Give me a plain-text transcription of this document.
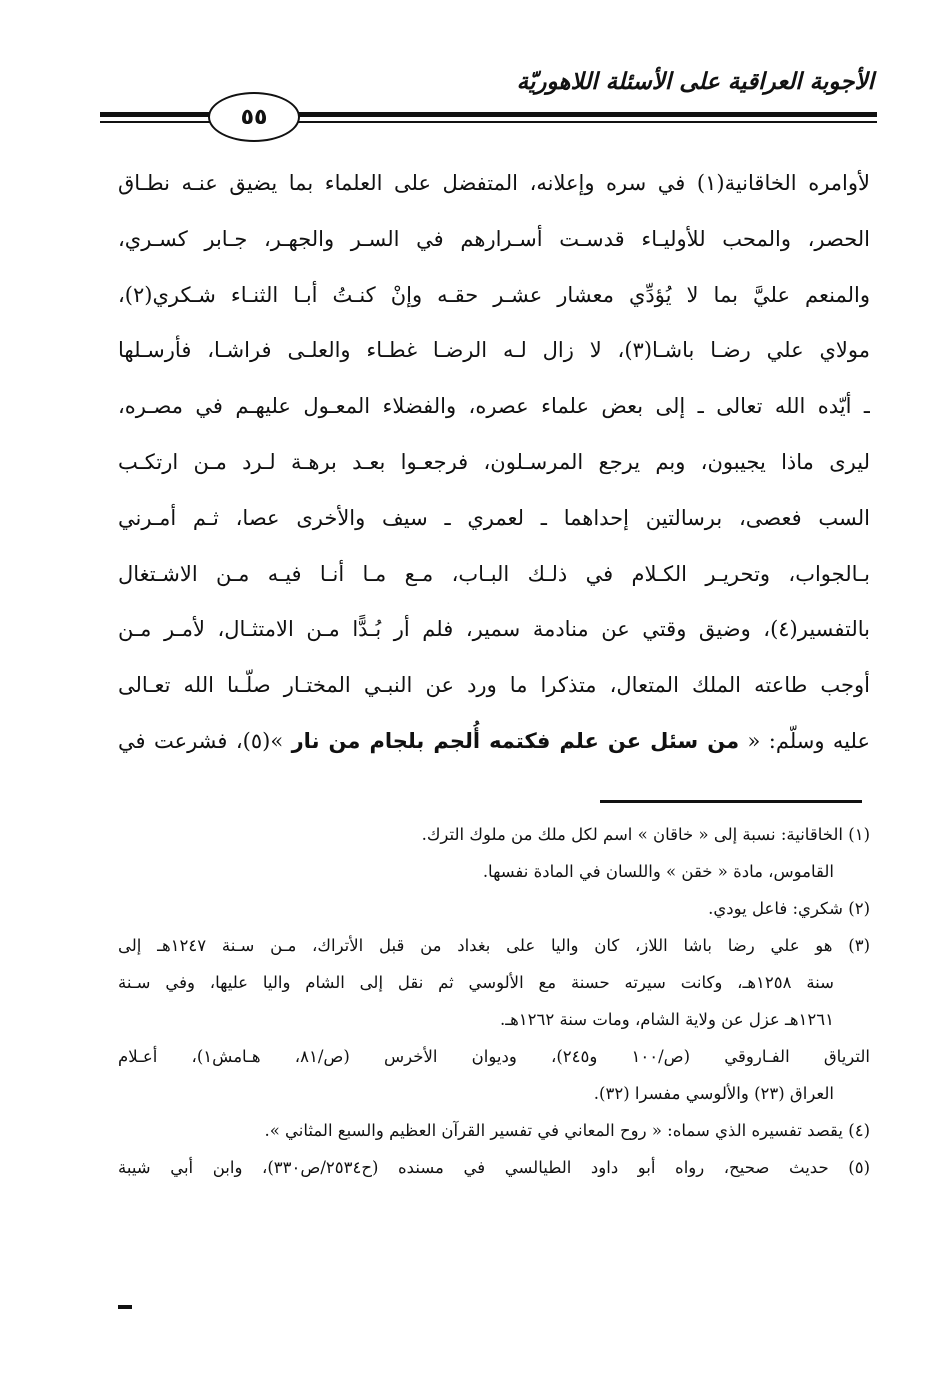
الأجوبة العراقية على الأسئلة اللاهوريّة
٥٥
لأوامره الخاقانية(١) في سره وإعلانه، المتفضل على العلماء بما يضيق عنـه نطـاق
الحصر، والمحب للأوليـاء قدسـت أسـرارهم في السـر والجهـر، جـابر كسـري،
والمنعم عليَّ بما لا يُؤدِّي معشار عشـر حقـه وإنْ كنـتُ أبـا الثنـاء شـكري(٢)،
مولاي علي رضـا باشـا(٣)، لا زال لـه الرضـا غطـاء والعلـى فراشـا، فأرسـلها
ـ أيّده الله تعالى ـ إلى بعض علماء عصره، والفضلاء المعـول عليهـم في مصـره،
ليرى ماذا يجيبون، وبم يرجع المرسـلون، فرجعـوا بعـد برهـة لـرد مـن ارتكـب
السب فعصى، برسالتين إحداهما ـ لعمري ـ سيف والأخرى عصا، ثـم أمـرني
بـالجواب، وتحريـر الكـلام في ذلـك البـاب، مـع مـا أنـا فيـه مـن الاشـتغال
بالتفسير(٤)، وضيق وقتي عن منادمة سمير، فلم أر بُـدًّا مـن الامتثـال، لأمـر مـن
أوجب طاعته الملك المتعال، متذكرا ما ورد عن النبـي المختـار صلّـىا الله تعـالى
عليه وسلّم: « من سئل عن علم فكتمه أُلجم بلجام من نار »(٥)، فشرعت في
(١) الخاقانية: نسبة إلى « خاقان » اسم لكل ملك من ملوك الترك.
القاموس، مادة « خقن » واللسان في المادة نفسها.
(٢) شكري: فاعل يودي.
(٣) هو علي رضا باشا اللاز، كان واليا على بغداد من قبل الأتراك، مـن سـنة ١٢٤٧هـ إلى
سنة ١٢٥٨هـ، وكانت سيرته حسنة مع الألوسي ثم نقل إلى الشام واليا عليها، وفي سـنة
١٢٦١هـ عزل عن ولاية الشام، ومات سنة ١٢٦٢هـ.
الترياق الفـاروقي (ص/١٠٠ و٢٤٥)، وديوان الأخرس (ص/٨١، هـامش١)، أعـلام
العراق (٢٣) والألوسي مفسرا (٣٢).
(٤) يقصد تفسيره الذي سماه: « روح المعاني في تفسير القرآن العظيم والسبع المثاني ».
(٥) حديث صحيح، رواه أبو داود الطيالسي في مسنده (ح٢٥٣٤/ص٣٣٠)، وابن أبي شيبة
